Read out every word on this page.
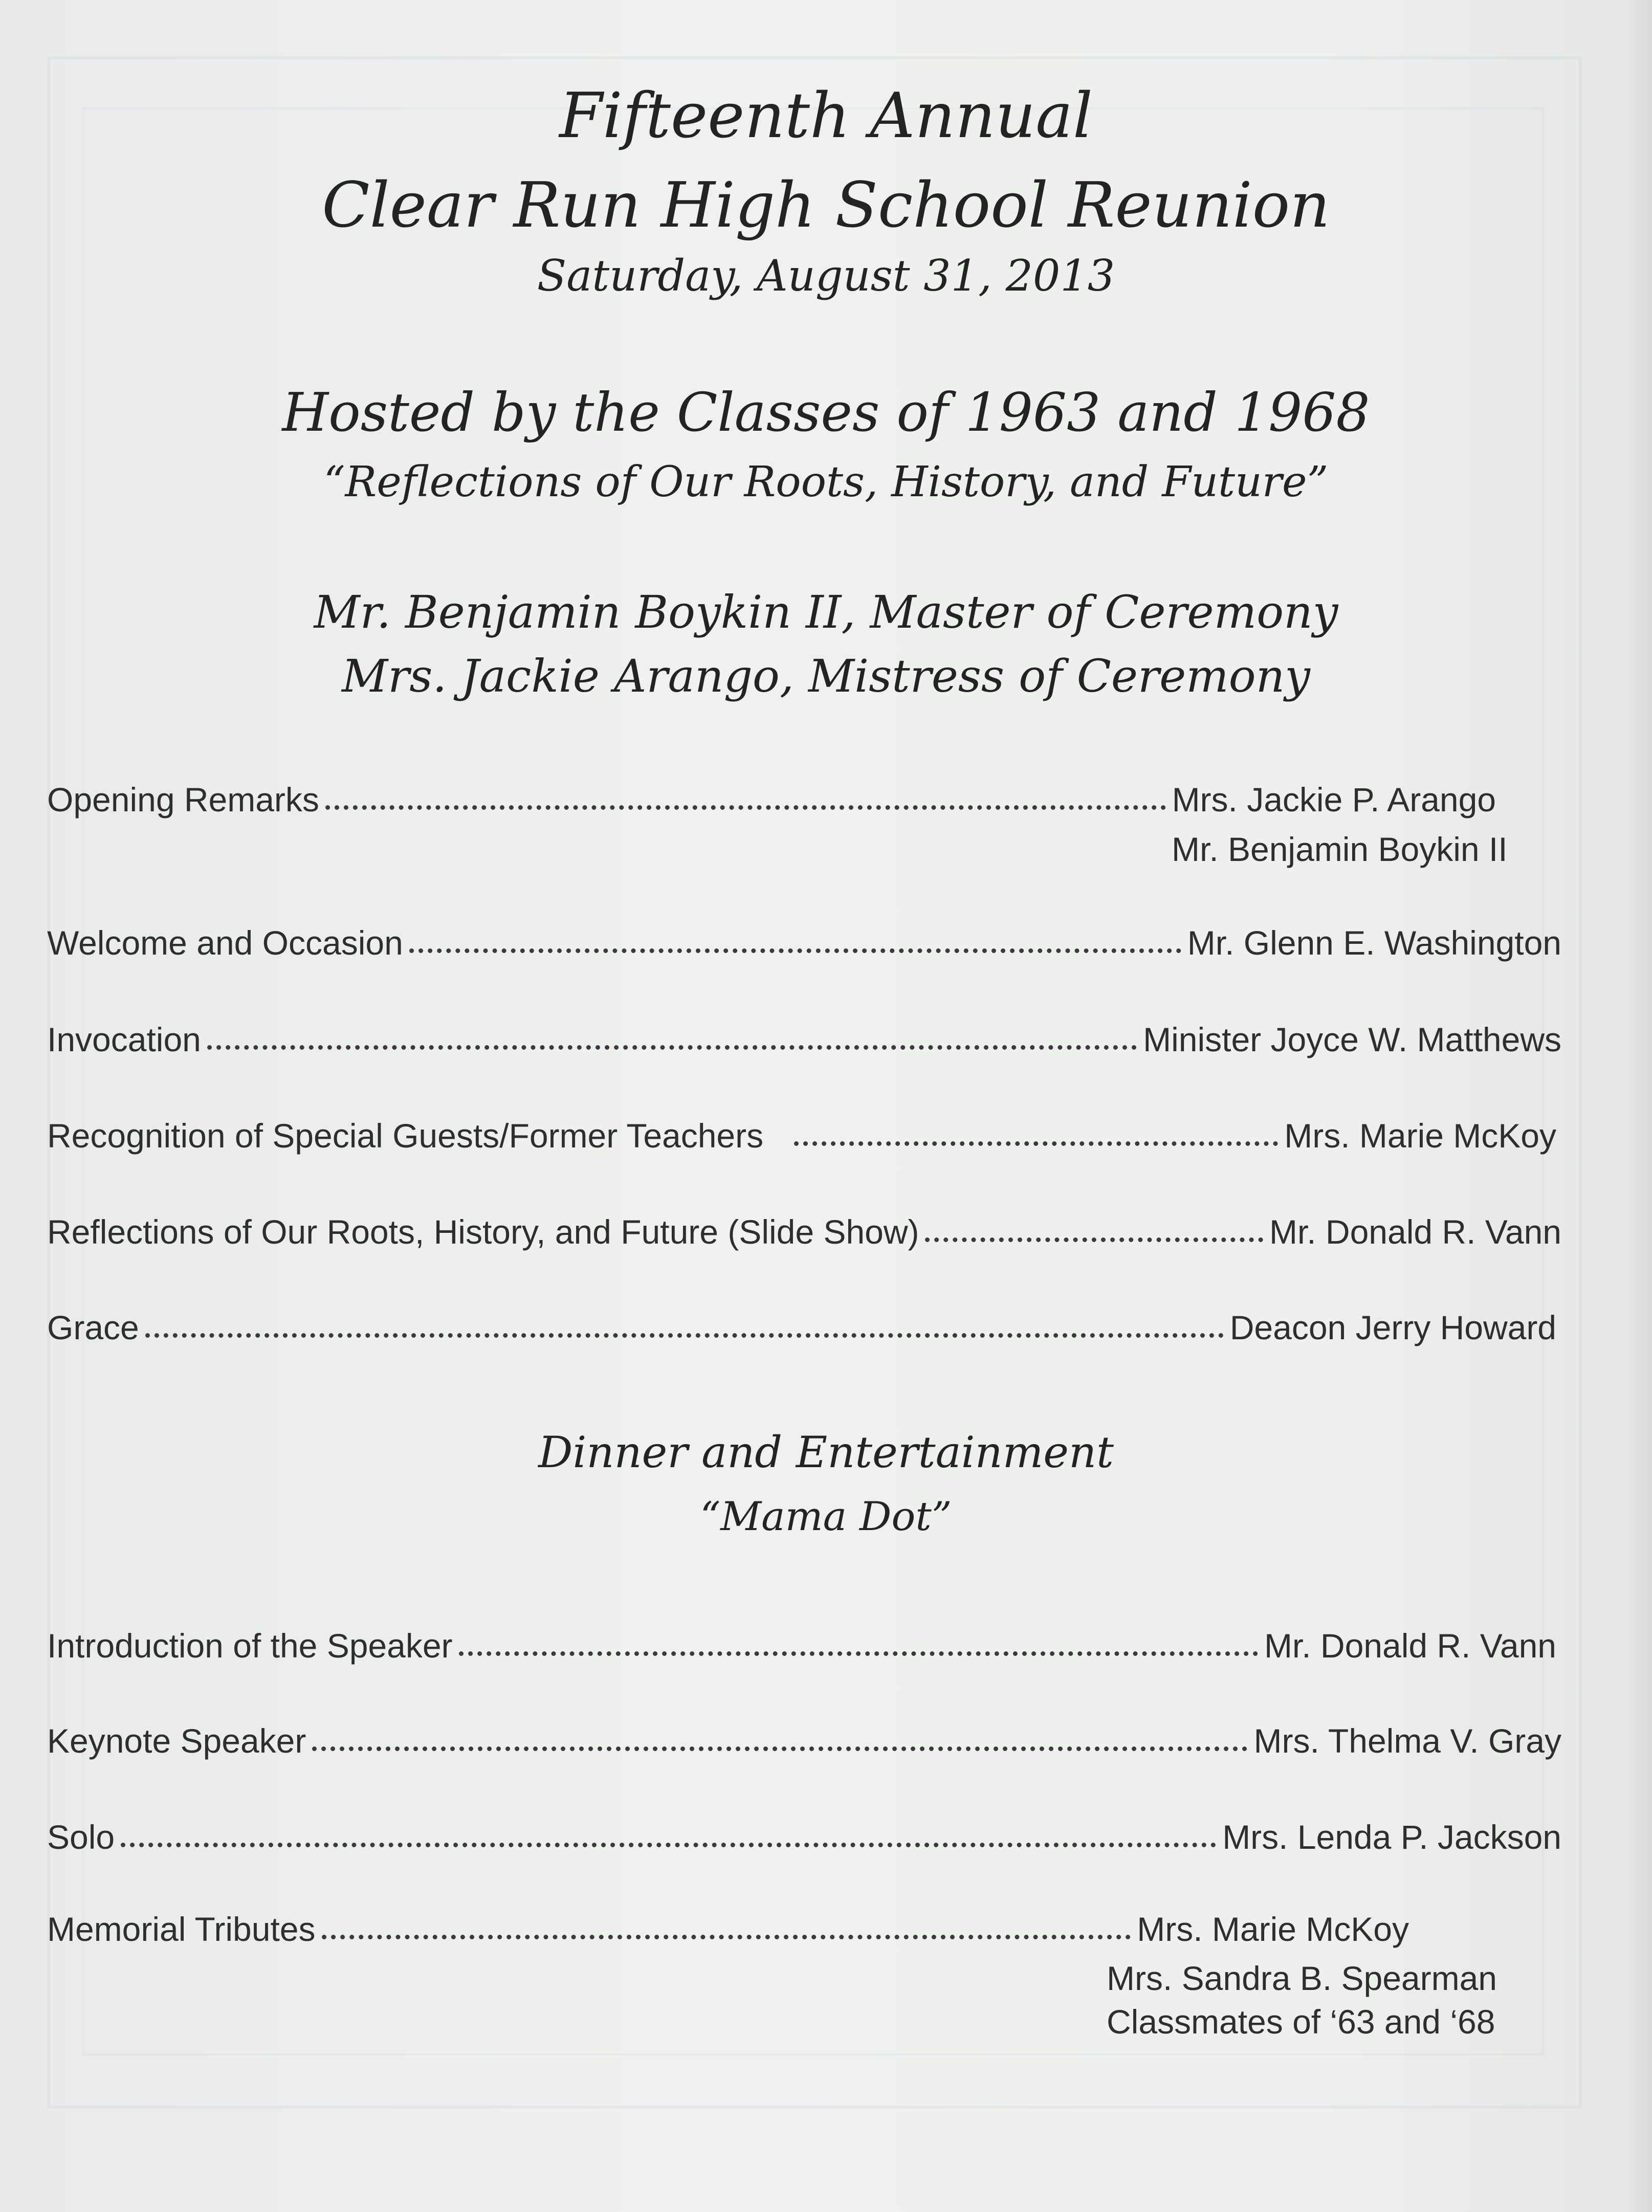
Fifteenth Annual
Clear Run High School Reunion
Saturday, August 31, 2013
Hosted by the Classes of 1963 and 1968
“Reflections of Our Roots, History, and Future”
Mr. Benjamin Boykin II, Master of Ceremony
Mrs. Jackie Arango, Mistress of Ceremony
Opening Remarks	Mrs. Jackie P. Arango
Mr. Benjamin Boykin II
Welcome and Occasion	Mr. Glenn E. Washington
Invocation	Minister Joyce W. Matthews
Recognition of Special Guests/Former Teachers	Mrs. Marie McKoy
Reflections of Our Roots, History, and Future (Slide Show)	Mr. Donald R. Vann
Grace	Deacon Jerry Howard
Dinner and Entertainment
“Mama Dot”
Introduction of the Speaker	Mr. Donald R. Vann
Keynote Speaker	Mrs. Thelma V. Gray
Solo	Mrs. Lenda P. Jackson
Memorial Tributes	Mrs. Marie McKoy
Mrs. Sandra B. Spearman
Classmates of ‘63 and ‘68
